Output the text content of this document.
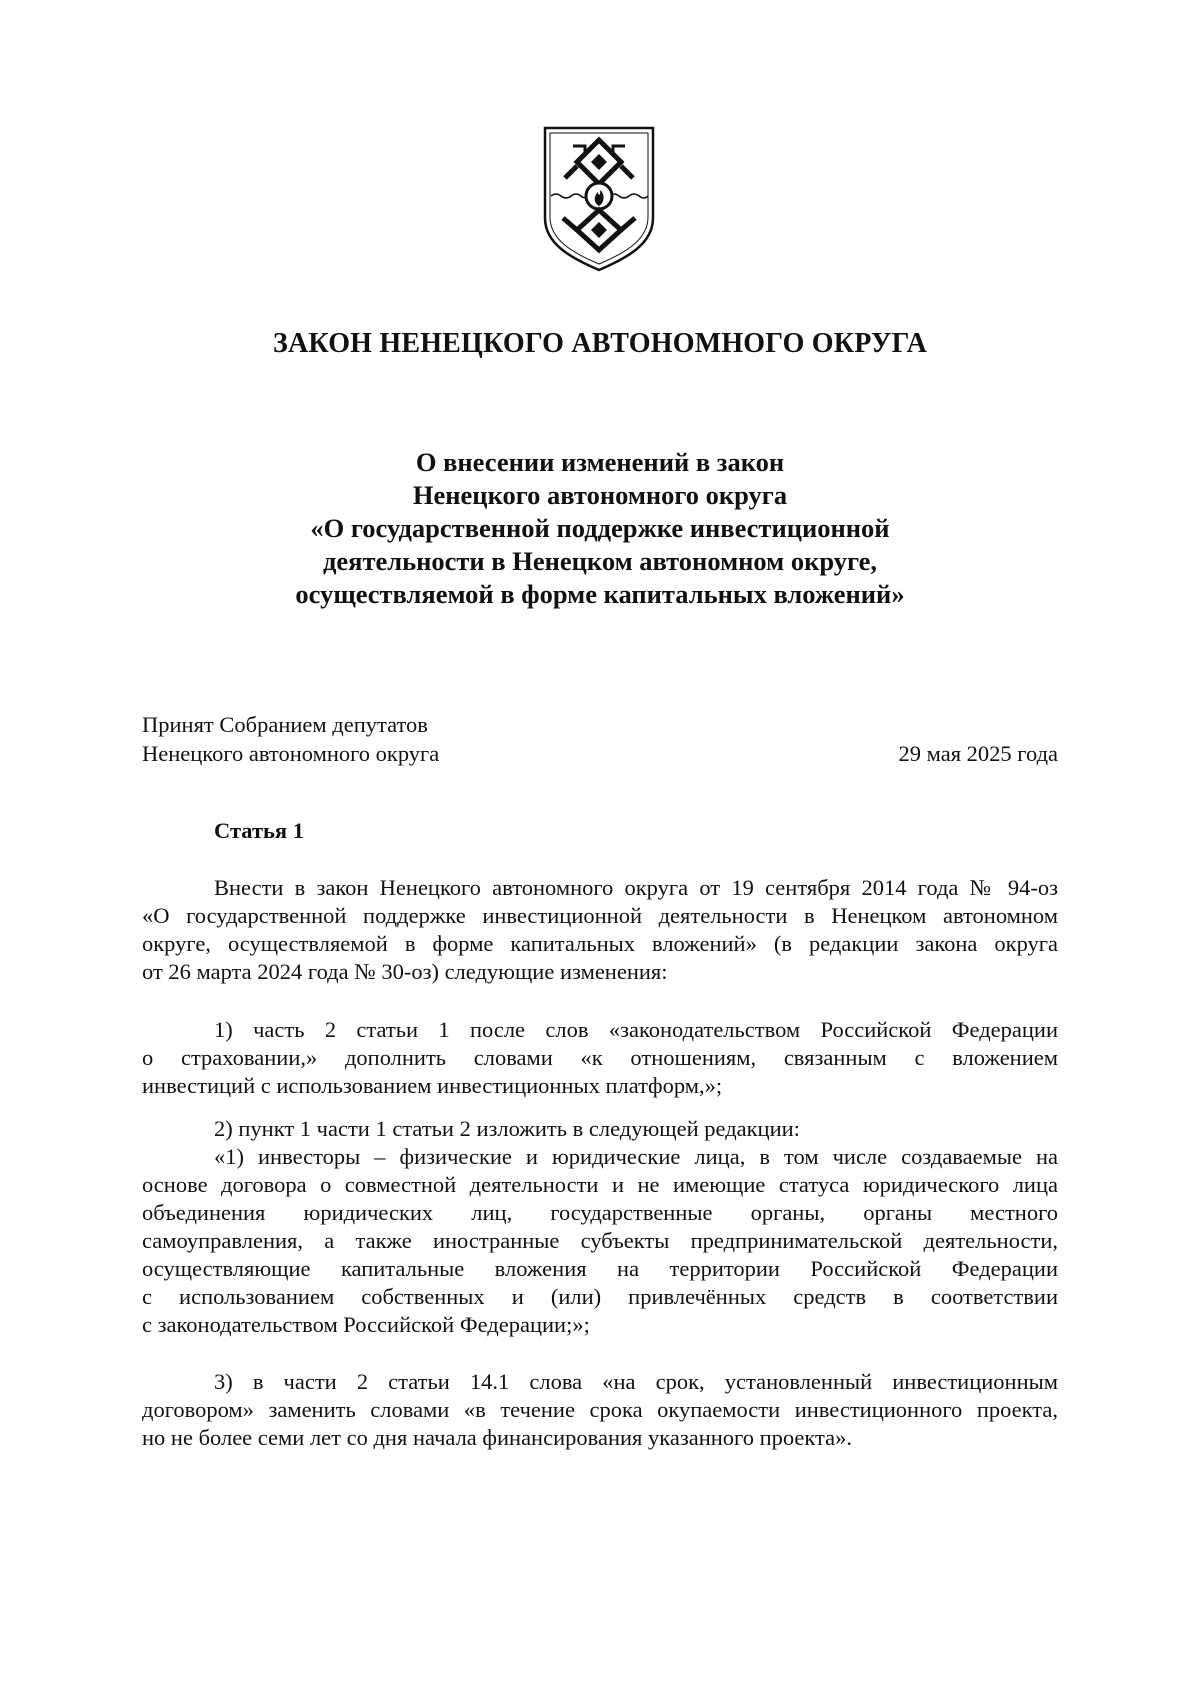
ЗАКОН НЕНЕЦКОГО АВТОНОМНОГО ОКРУГА
О внесении изменений в закон
Ненецкого автономного округа
«О государственной поддержке инвестиционной
деятельности в Ненецком автономном округе,
осуществляемой в форме капитальных вложений»
Принят Собранием депутатов
Ненецкого автономного округа	29 мая 2025 года
Статья 1
Внести в закон Ненецкого автономного округа от 19 сентября 2014 года № 94-оз
«О государственной поддержке инвестиционной деятельности в Ненецком автономном
округе, осуществляемой в форме капитальных вложений» (в редакции закона округа
от 26 марта 2024 года № 30-оз) следующие изменения:
1) часть 2 статьи 1 после слов «законодательством Российской Федерации
о страховании,» дополнить словами «к отношениям, связанным с вложением
инвестиций с использованием инвестиционных платформ,»;
2) пункт 1 части 1 статьи 2 изложить в следующей редакции:
«1) инвесторы – физические и юридические лица, в том числе создаваемые на
основе договора о совместной деятельности и не имеющие статуса юридического лица
объединения юридических лиц, государственные органы, органы местного
самоуправления, а также иностранные субъекты предпринимательской деятельности,
осуществляющие капитальные вложения на территории Российской Федерации
с использованием собственных и (или) привлечённых средств в соответствии
с законодательством Российской Федерации;»;
3) в части 2 статьи 14.1 слова «на срок, установленный инвестиционным
договором» заменить словами «в течение срока окупаемости инвестиционного проекта,
но не более семи лет со дня начала финансирования указанного проекта».
